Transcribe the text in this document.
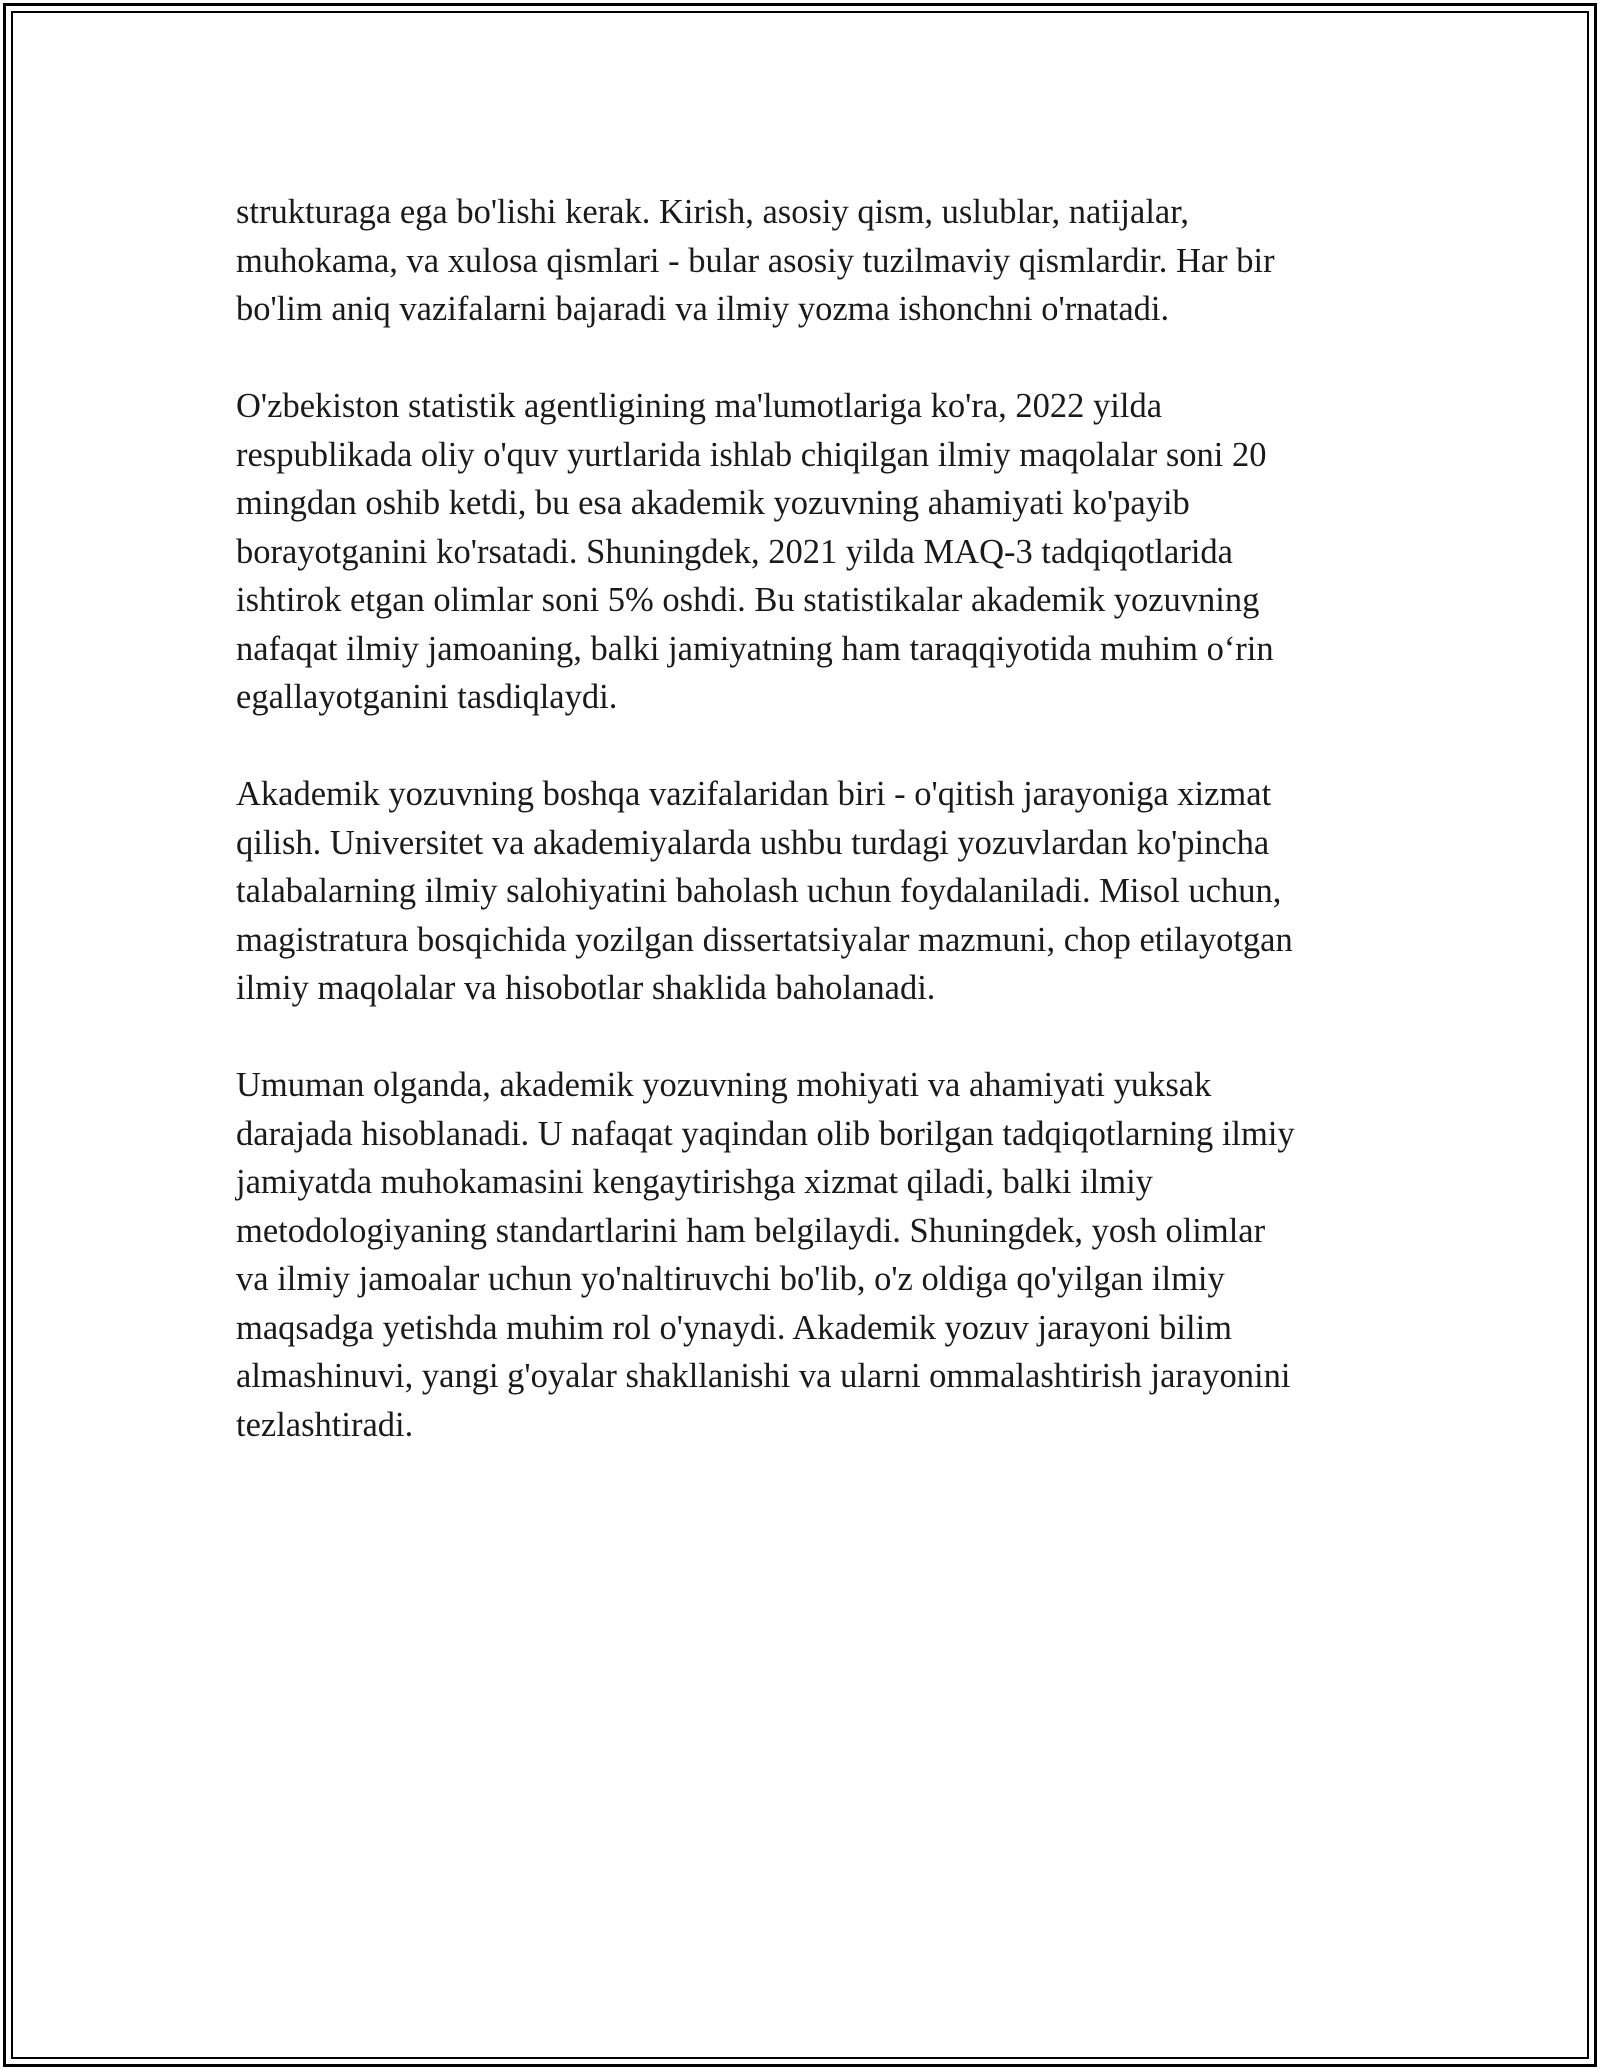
strukturaga ega bo'lishi kerak. Kirish, asosiy qism, uslublar, natijalar,
muhokama, va xulosa qismlari - bular asosiy tuzilmaviy qismlardir. Har bir
bo'lim aniq vazifalarni bajaradi va ilmiy yozma ishonchni o'rnatadi.

O'zbekiston statistik agentligining ma'lumotlariga ko'ra, 2022 yilda
respublikada oliy o'quv yurtlarida ishlab chiqilgan ilmiy maqolalar soni 20
mingdan oshib ketdi, bu esa akademik yozuvning ahamiyati ko'payib
borayotganini ko'rsatadi. Shuningdek, 2021 yilda MAQ-3 tadqiqotlarida
ishtirok etgan olimlar soni 5% oshdi. Bu statistikalar akademik yozuvning
nafaqat ilmiy jamoaning, balki jamiyatning ham taraqqiyotida muhim o‘rin
egallayotganini tasdiqlaydi.

Akademik yozuvning boshqa vazifalaridan biri - o'qitish jarayoniga xizmat
qilish. Universitet va akademiyalarda ushbu turdagi yozuvlardan ko'pincha
talabalarning ilmiy salohiyatini baholash uchun foydalaniladi. Misol uchun,
magistratura bosqichida yozilgan dissertatsiyalar mazmuni, chop etilayotgan
ilmiy maqolalar va hisobotlar shaklida baholanadi.

Umuman olganda, akademik yozuvning mohiyati va ahamiyati yuksak
darajada hisoblanadi. U nafaqat yaqindan olib borilgan tadqiqotlarning ilmiy
jamiyatda muhokamasini kengaytirishga xizmat qiladi, balki ilmiy
metodologiyaning standartlarini ham belgilaydi. Shuningdek, yosh olimlar
va ilmiy jamoalar uchun yo'naltiruvchi bo'lib, o'z oldiga qo'yilgan ilmiy
maqsadga yetishda muhim rol o'ynaydi. Akademik yozuv jarayoni bilim
almashinuvi, yangi g'oyalar shakllanishi va ularni ommalashtirish jarayonini
tezlashtiradi.
